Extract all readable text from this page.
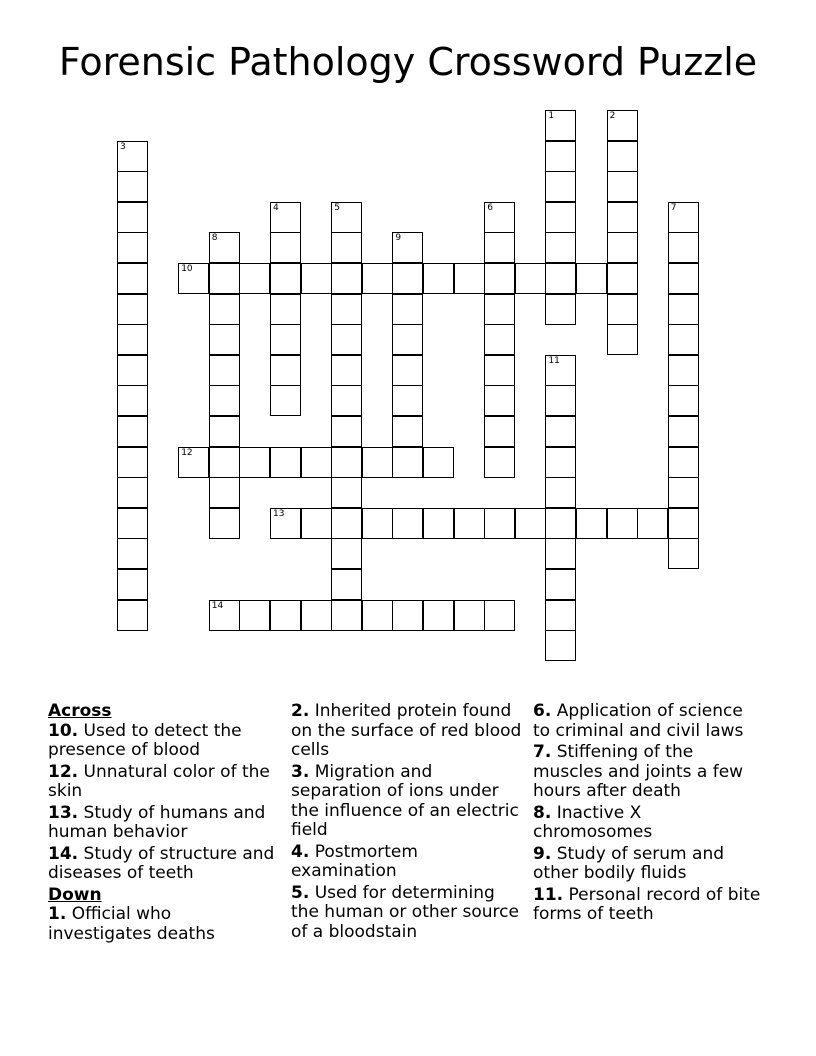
Forensic Pathology Crossword Puzzle
1	2
3
4	5	6	7
8	9
10
11
12
13
14
Across
10. Used to detect the presence of blood
12. Unnatural color of the skin
13. Study of humans and human behavior
14. Study of structure and diseases of teeth
Down
1. Official who investigates deaths
2. Inherited protein found on the surface of red blood cells
3. Migration and separation of ions under the influence of an electric field
4. Postmortem examination
5. Used for determining the human or other source of a bloodstain
6. Application of science to criminal and civil laws
7. Stiffening of the muscles and joints a few hours after death
8. Inactive X chromosomes
9. Study of serum and other bodily fluids
11. Personal record of bite forms of teeth
